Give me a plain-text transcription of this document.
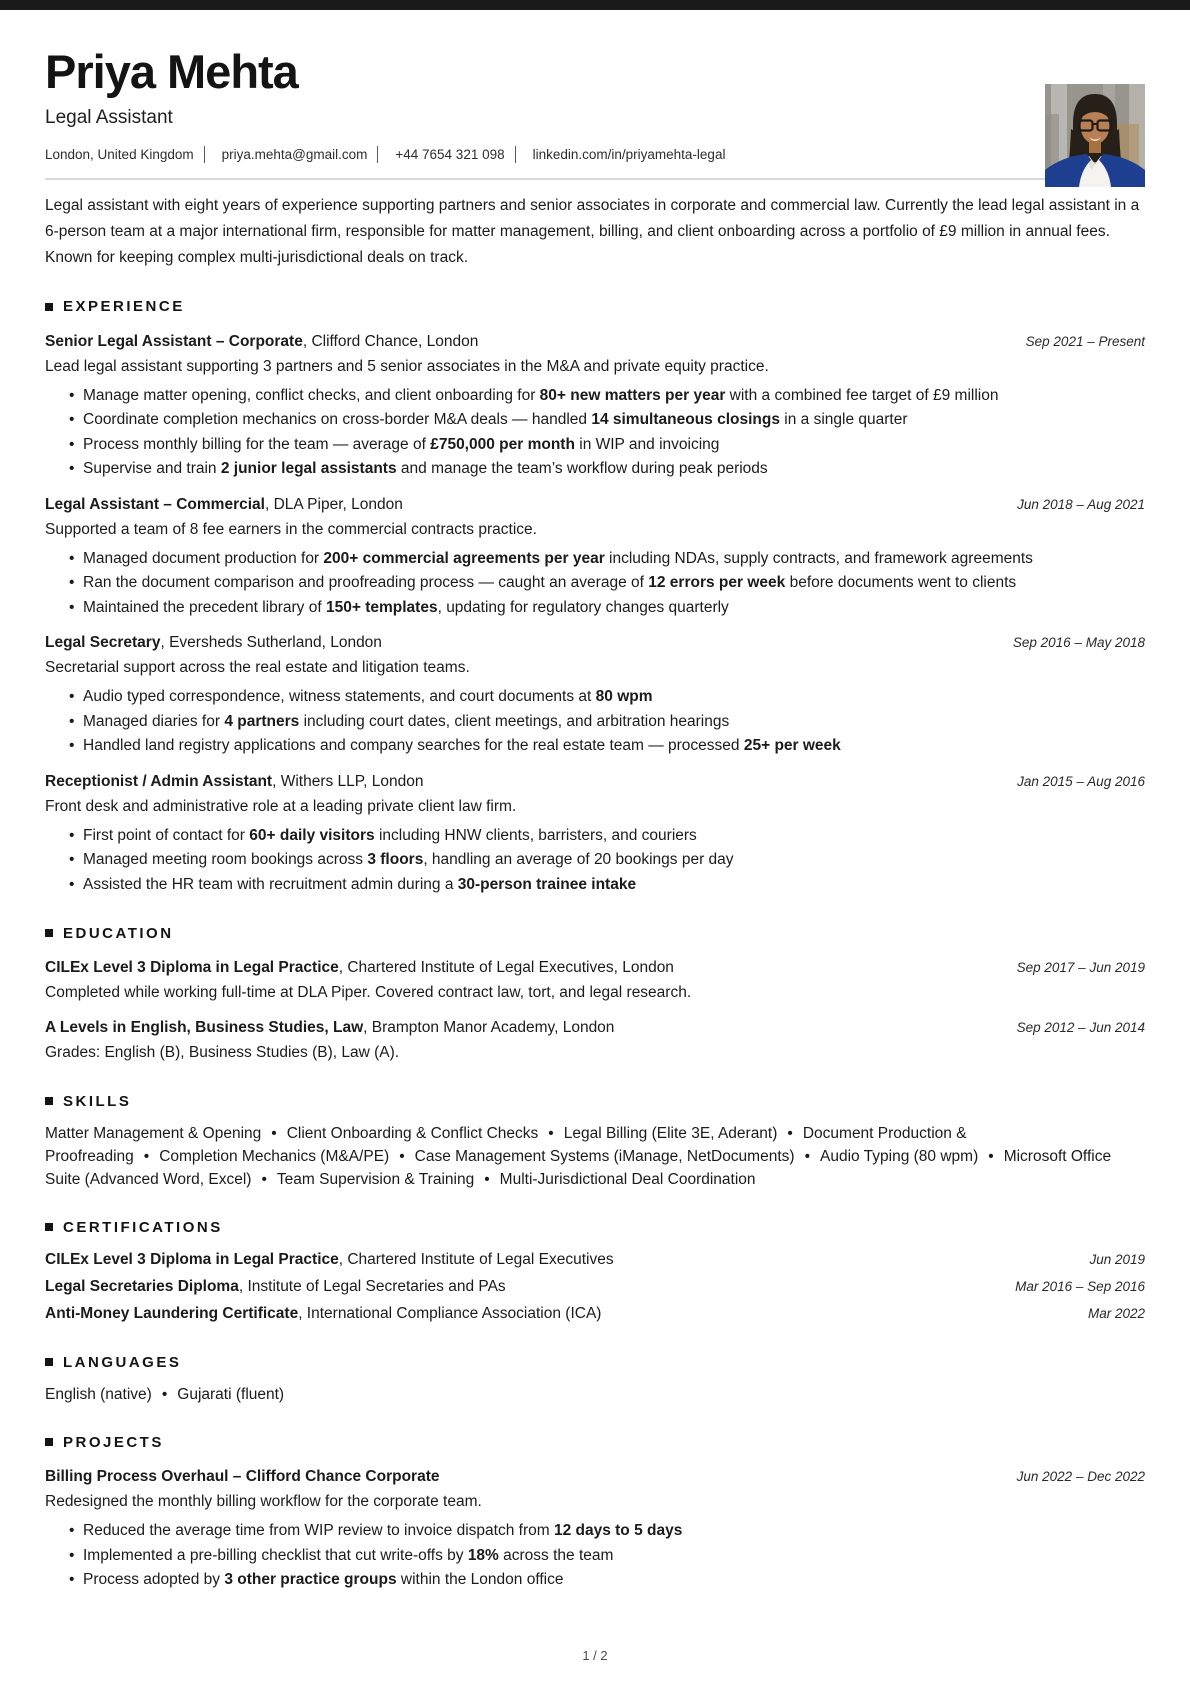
Priya Mehta
Legal Assistant
London, United Kingdom priya.mehta@gmail.com +44 7654 321 098 linkedin.com/in/priyamehta-legal

Legal assistant with eight years of experience supporting partners and senior associates in corporate and commercial law. Currently the lead legal assistant in a 6-person team at a major international firm, responsible for matter management, billing, and client onboarding across a portfolio of £9 million in annual fees. Known for keeping complex multi-jurisdictional deals on track.

EXPERIENCE
Senior Legal Assistant – Corporate, Clifford Chance, London	Sep 2021 – Present
Lead legal assistant supporting 3 partners and 5 senior associates in the M&A and private equity practice.
• Manage matter opening, conflict checks, and client onboarding for 80+ new matters per year with a combined fee target of £9 million
• Coordinate completion mechanics on cross-border M&A deals — handled 14 simultaneous closings in a single quarter
• Process monthly billing for the team — average of £750,000 per month in WIP and invoicing
• Supervise and train 2 junior legal assistants and manage the team’s workflow during peak periods
Legal Assistant – Commercial, DLA Piper, London	Jun 2018 – Aug 2021
Supported a team of 8 fee earners in the commercial contracts practice.
• Managed document production for 200+ commercial agreements per year including NDAs, supply contracts, and framework agreements
• Ran the document comparison and proofreading process — caught an average of 12 errors per week before documents went to clients
• Maintained the precedent library of 150+ templates, updating for regulatory changes quarterly
Legal Secretary, Eversheds Sutherland, London	Sep 2016 – May 2018
Secretarial support across the real estate and litigation teams.
• Audio typed correspondence, witness statements, and court documents at 80 wpm
• Managed diaries for 4 partners including court dates, client meetings, and arbitration hearings
• Handled land registry applications and company searches for the real estate team — processed 25+ per week
Receptionist / Admin Assistant, Withers LLP, London	Jan 2015 – Aug 2016
Front desk and administrative role at a leading private client law firm.
• First point of contact for 60+ daily visitors including HNW clients, barristers, and couriers
• Managed meeting room bookings across 3 floors, handling an average of 20 bookings per day
• Assisted the HR team with recruitment admin during a 30-person trainee intake
EDUCATION
CILEx Level 3 Diploma in Legal Practice, Chartered Institute of Legal Executives, London	Sep 2017 – Jun 2019
Completed while working full-time at DLA Piper. Covered contract law, tort, and legal research.
A Levels in English, Business Studies, Law, Brampton Manor Academy, London	Sep 2012 – Jun 2014
Grades: English (B), Business Studies (B), Law (A).
SKILLS
Matter Management & Opening • Client Onboarding & Conflict Checks • Legal Billing (Elite 3E, Aderant) • Document Production & Proofreading • Completion Mechanics (M&A/PE) • Case Management Systems (iManage, NetDocuments) • Audio Typing (80 wpm) • Microsoft Office Suite (Advanced Word, Excel) • Team Supervision & Training • Multi-Jurisdictional Deal Coordination
CERTIFICATIONS
CILEx Level 3 Diploma in Legal Practice, Chartered Institute of Legal Executives	Jun 2019
Legal Secretaries Diploma, Institute of Legal Secretaries and PAs	Mar 2016 – Sep 2016
Anti-Money Laundering Certificate, International Compliance Association (ICA)	Mar 2022
LANGUAGES
English (native) • Gujarati (fluent)
PROJECTS
Billing Process Overhaul – Clifford Chance Corporate	Jun 2022 – Dec 2022
Redesigned the monthly billing workflow for the corporate team.
• Reduced the average time from WIP review to invoice dispatch from 12 days to 5 days
• Implemented a pre-billing checklist that cut write-offs by 18% across the team
• Process adopted by 3 other practice groups within the London office
1 / 2
